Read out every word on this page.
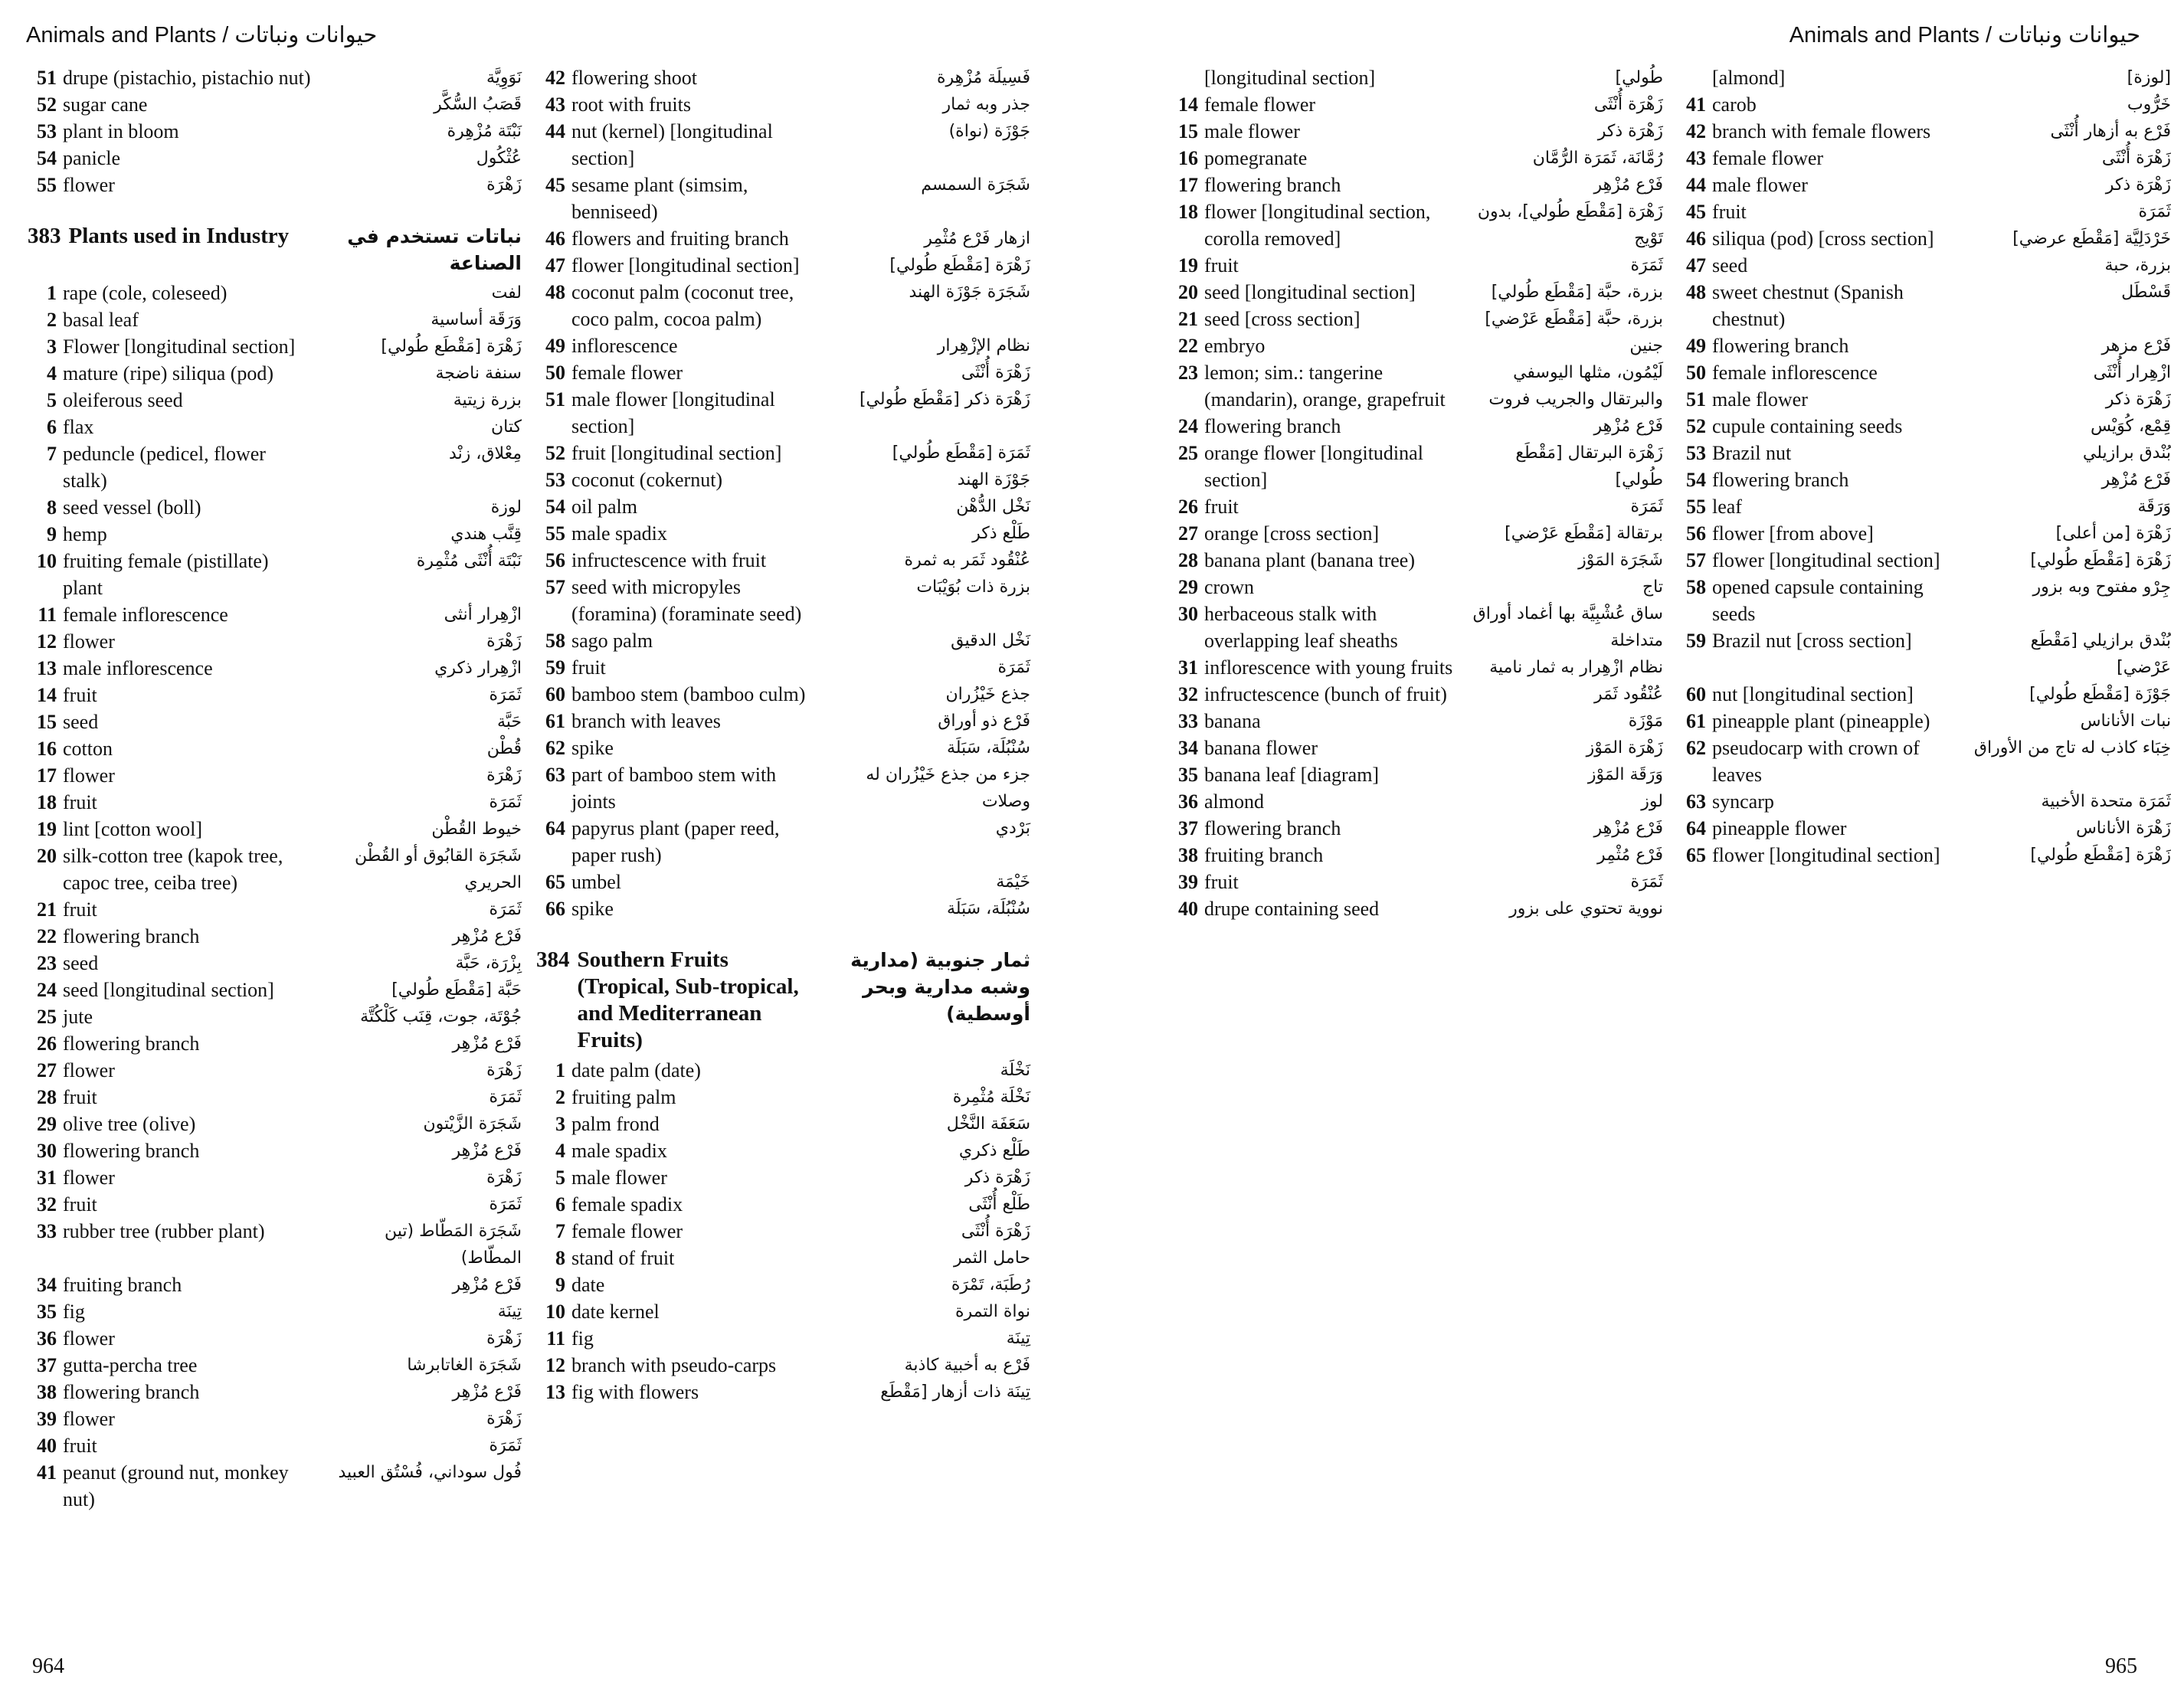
Animals and Plants / حيوانات ونباتات
51 drupe (pistachio, pistachio nut)	نَوَوِيَّة
52 sugar cane	قَصَبُ السُّكَّر
53 plant in bloom	نَبْتَة مُزْهِرة
54 panicle	عُثْكُول
55 flower	زَهْرَة
383 Plants used in Industry	نباتات تستخدم في الصناعة
1 rape (cole, coleseed)	لفت
2 basal leaf	وَرَقَة أساسية
3 Flower [longitudinal section]	زَهْرَة [مَقْطَع طُولي]
4 mature (ripe) siliqua (pod)	سنفة ناضجة
5 oleiferous seed	بزرة زيتية
6 flax	كتان
7 peduncle (pedicel, flower stalk)
مِعْلاق، زنْد
8 seed vessel (boll)	لوزة
9 hemp	قِنَّب هندي
10 fruiting female (pistillate) plant
نَبْتَة أُنْثَى مُثْمِرة
11 female inflorescence	ازْهِرار أنثى
12 flower	زَهْرَة
13 male inflorescence	ازْهِرار ذكري
14 fruit	ثَمَرَة
15 seed	حَبَّة
16 cotton	قُطْن
17 flower	زَهْرَة
18 fruit	ثَمَرَة
19 lint [cotton wool]	خيوط القُطْن
20 silk-cotton tree (kapok tree, capoc tree, ceiba tree)
شَجَرَة القابُوق أو القُطْن الحريري
21 fruit	ثَمَرَة
22 flowering branch	فَرْع مُزْهِر
23 seed	بِزْرَة، حَبَّة
24 seed [longitudinal section]	حَبَّة [مَقْطَع طُولي]
25 jute	جُوْتَة، جوت، قِنَب كَلْكُتَّة
26 flowering branch	فَرْع مُزْهِر
27 flower	زَهْرَة
28 fruit	ثَمَرَة
29 olive tree (olive)	شَجَرَة الزَّيْتون
30 flowering branch	فَرْع مُزْهِر
31 flower	زَهْرَة
32 fruit	ثَمَرَة
33 rubber tree (rubber plant)	شَجَرَة المَطّاط (تين المطّاط)
34 fruiting branch	فَرْع مُزْهِر
35 fig	تِينَة
36 flower	زَهْرَة
37 gutta-percha tree	شَجَرَة الغاتابرشا
38 flowering branch	فَرْع مُزْهِر
39 flower	زَهْرَة
40 fruit	ثَمَرَة
41 peanut (ground nut, monkey nut)
فُول سوداني، فُسْتُق العبيد
42 flowering shoot	فَسِيلَة مُزْهِرة
43 root with fruits	جذر وبه ثمار
44 nut (kernel) [longitudinal section]
جَوْزَة (نواة)
45 sesame plant (simsim, benniseed)
شَجَرَة السمسم
46 flowers and fruiting branch	ازهار فَرْع مُثْمِر
47 flower [longitudinal section]	زَهْرَة [مَقْطَع طُولي]
48 coconut palm (coconut tree, coco palm, cocoa palm)
شَجَرَة جَوْزَة الهند
49 inflorescence	نظام الإزْهِرار
50 female flower	زَهْرَة أُنْثَى
51 male flower [longitudinal section]
زَهْرَة ذكر [مَقْطَع طُولي]
52 fruit [longitudinal section]	ثَمَرَة [مَقْطَع طُولي]
53 coconut (cokernut)	جَوْزَة الهند
54 oil palm	نَخْل الدُّهْن
55 male spadix	طَلْع ذكر
56 infructescence with fruit	عُنْقُود ثَمَر به ثمرة
57 seed with micropyles (foramina) (foraminate seed)
بزرة ذات بُوَيْبَات
58 sago palm	نَخْل الدقيق
59 fruit	ثَمَرَة
60 bamboo stem (bamboo culm)	جذع خَيْزُران
61 branch with leaves	فَرْع ذو أوراق
62 spike	سُنْبُلَة، سَبَلَة
63 part of bamboo stem with joints
جزء من جذع خَيْزُران له وصلات
64 papyrus plant (paper reed, paper rush)
بَرْدي
65 umbel	خَيْمَة
66 spike	سُنْبُلَة، سَبَلَة
384 Southern Fruits (Tropical, Sub-tropical, and Mediterranean Fruits)
ثمار جنوبية (مدارية وشبه مدارية وبحر أوسطية)
1 date palm (date)	نَخْلَة
2 fruiting palm	نَخْلَة مُثْمِرة
3 palm frond	سَعَفَة النَّخْل
4 male spadix	طَلْع ذكري
5 male flower	زَهْرَة ذكر
6 female spadix	طَلْع أُنْثَى
7 female flower	زَهْرَة أُنْثَى
8 stand of fruit	حامل الثمر
9 date	رُطَبَة، تَمْرَة
10 date kernel	نواة التمرة
11 fig	تِينَة
12 branch with pseudo-carps	فَرْع به أخبية كاذبة
13 fig with flowers	تِينَة ذات أزهار [مَقْطَع
964
Animals and Plants / حيوانات ونباتات
[longitudinal section]	طُولي]
14 female flower	زَهْرَة أُنْثَى
15 male flower	زَهْرَة ذكر
16 pomegranate	رُمَّانَة، ثَمَرَة الرُّمَّان
17 flowering branch	فَرْع مُزْهِر
18 flower [longitudinal section, corolla removed]
زَهْرَة [مَقْطَع طُولي]، بدون تَوْيج
19 fruit	ثَمَرَة
20 seed [longitudinal section]	بزرة، حبَّة [مَقْطَع طُولي]
21 seed [cross section]	بزرة، حبَّة [مَقْطَع عَرْضي]
22 embryo	جنين
23 lemon; sim.: tangerine (mandarin), orange, grapefruit
لَيْمُون، مثلها اليوسفي والبرتقال والجريب فروت
24 flowering branch	فَرْع مُزْهِر
25 orange flower [longitudinal section]
زَهْرَة البرتقال [مَقْطَع طُولي]
26 fruit	ثَمَرَة
27 orange [cross section]	برتقالة [مَقْطَع عَرْضي]
28 banana plant (banana tree)	شَجَرَة المَوْز
29 crown	تاج
30 herbaceous stalk with overlapping leaf sheaths
ساق عُشْبِيَّة بها أغماد أوراق متداخلة
31 inflorescence with young fruits	نظام ازْهِرار به ثمار نامية
32 infructescence (bunch of fruit)	عُنْقُود ثَمَر
33 banana	مَوْزَة
34 banana flower	زَهْرَة المَوْز
35 banana leaf [diagram]	وَرَقَة المَوْز
36 almond	لوز
37 flowering branch	فَرْع مُزْهِر
38 fruiting branch	فَرْع مُثْمِر
39 fruit	ثَمَرَة
40 drupe containing seed	نووية تحتوي على بزور
[almond]	[لوزة]
41 carob	خَرُّوب
42 branch with female flowers	فَرْع به أزهار أُنْثَى
43 female flower	زَهْرَة أُنْثَى
44 male flower	زَهْرَة ذكر
45 fruit	ثَمَرَة
46 siliqua (pod) [cross section]	خَرْدَلِيَّة [مَقْطَع عرضي]
47 seed	بزرة، حبة
48 sweet chestnut (Spanish chestnut)
قَسْطَل
49 flowering branch	فَرْع مزهر
50 female inflorescence	ازْهِرار أُنْثَى
51 male flower	زَهْرَة ذكر
52 cupule containing seeds	قِمْع، كُوَيْس
53 Brazil nut	بُنْدق برازيلي
54 flowering branch	فَرْع مُزْهِر
55 leaf	وَرَقَة
56 flower [from above]	زَهْرَة [من أعلى]
57 flower [longitudinal section]	زَهْرَة [مَقْطَع طُولي]
58 opened capsule containing seeds
جِرْو مفتوح وبه بزور
59 Brazil nut [cross section]	بُنْدق برازيلي [مَقْطَع عَرْضي]
60 nut [longitudinal section]	جَوْزَة [مَقْطَع طُولي]
61 pineapple plant (pineapple)	نبات الأناناس
62 pseudocarp with crown of leaves
خِبَاء كاذب له تاج من الأوراق
63 syncarp	ثَمَرَة متحدة الأخبية
64 pineapple flower	زَهْرَة الأناناس
65 flower [longitudinal section]	زَهْرَة [مَقْطَع طُولي]
965
